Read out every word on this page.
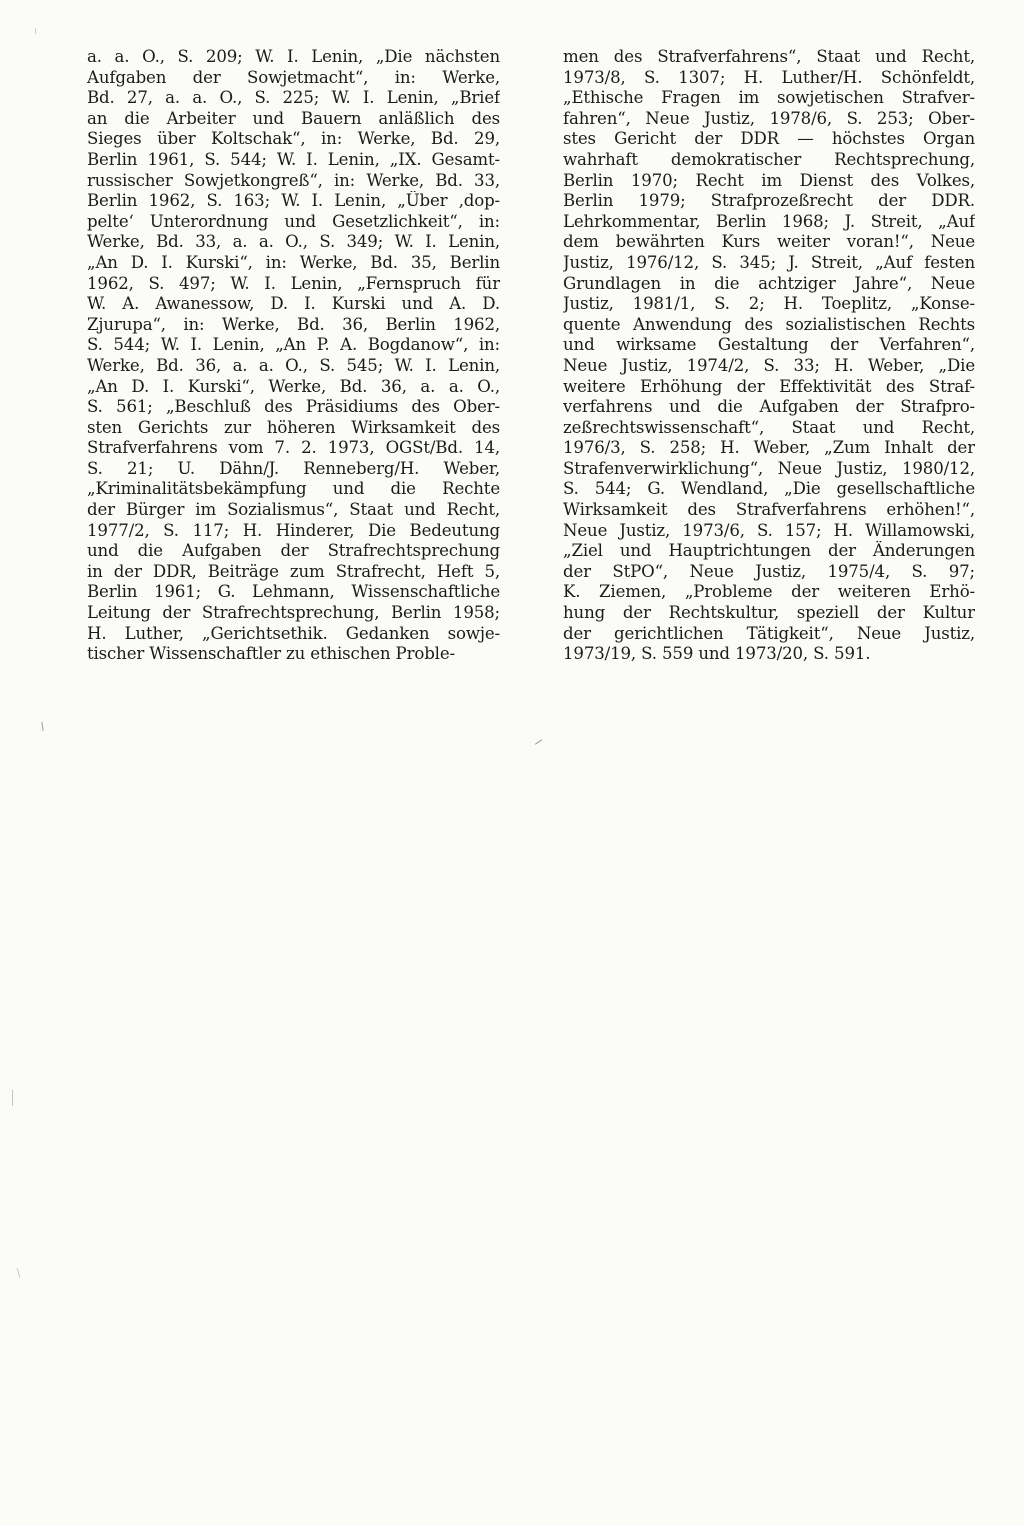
a. a. O., S. 209; W. I. Lenin, „Die nächsten
Aufgaben der Sowjetmacht“, in: Werke,
Bd. 27, a. a. O., S. 225; W. I. Lenin, „Brief
an die Arbeiter und Bauern anläßlich des
Sieges über Koltschak“, in: Werke, Bd. 29,
Berlin 1961, S. 544; W. I. Lenin, „IX. Gesamt-
russischer Sowjetkongreß“, in: Werke, Bd. 33,
Berlin 1962, S. 163; W. I. Lenin, „Über ‚dop-
pelte‘ Unterordnung und Gesetzlichkeit“, in:
Werke, Bd. 33, a. a. O., S. 349; W. I. Lenin,
„An D. I. Kurski“, in: Werke, Bd. 35, Berlin
1962, S. 497; W. I. Lenin, „Fernspruch für
W. A. Awanessow, D. I. Kurski und A. D.
Zjurupa“, in: Werke, Bd. 36, Berlin 1962,
S. 544; W. I. Lenin, „An P. A. Bogdanow“, in:
Werke, Bd. 36, a. a. O., S. 545; W. I. Lenin,
„An D. I. Kurski“, Werke, Bd. 36, a. a. O.,
S. 561; „Beschluß des Präsidiums des Ober-
sten Gerichts zur höheren Wirksamkeit des
Strafverfahrens vom 7. 2. 1973, OGSt/Bd. 14,
S. 21; U. Dähn/J. Renneberg/H. Weber,
„Kriminalitätsbekämpfung und die Rechte
der Bürger im Sozialismus“, Staat und Recht,
1977/2, S. 117; H. Hinderer, Die Bedeutung
und die Aufgaben der Strafrechtsprechung
in der DDR, Beiträge zum Strafrecht, Heft 5,
Berlin 1961; G. Lehmann, Wissenschaftliche
Leitung der Strafrechtsprechung, Berlin 1958;
H. Luther, „Gerichtsethik. Gedanken sowje-
tischer Wissenschaftler zu ethischen Proble-
men des Strafverfahrens“, Staat und Recht,
1973/8, S. 1307; H. Luther/H. Schönfeldt,
„Ethische Fragen im sowjetischen Strafver-
fahren“, Neue Justiz, 1978/6, S. 253; Ober-
stes Gericht der DDR — höchstes Organ
wahrhaft demokratischer Rechtsprechung,
Berlin 1970; Recht im Dienst des Volkes,
Berlin 1979; Strafprozeßrecht der DDR.
Lehrkommentar, Berlin 1968; J. Streit, „Auf
dem bewährten Kurs weiter voran!“, Neue
Justiz, 1976/12, S. 345; J. Streit, „Auf festen
Grundlagen in die achtziger Jahre“, Neue
Justiz, 1981/1, S. 2; H. Toeplitz, „Konse-
quente Anwendung des sozialistischen Rechts
und wirksame Gestaltung der Verfahren“,
Neue Justiz, 1974/2, S. 33; H. Weber, „Die
weitere Erhöhung der Effektivität des Straf-
verfahrens und die Aufgaben der Strafpro-
zeßrechtswissenschaft“, Staat und Recht,
1976/3, S. 258; H. Weber, „Zum Inhalt der
Strafenverwirklichung“, Neue Justiz, 1980/12,
S. 544; G. Wendland, „Die gesellschaftliche
Wirksamkeit des Strafverfahrens erhöhen!“,
Neue Justiz, 1973/6, S. 157; H. Willamowski,
„Ziel und Hauptrichtungen der Änderungen
der StPO“, Neue Justiz, 1975/4, S. 97;
K. Ziemen, „Probleme der weiteren Erhö-
hung der Rechtskultur, speziell der Kultur
der gerichtlichen Tätigkeit“, Neue Justiz,
1973/19, S. 559 und 1973/20, S. 591.
